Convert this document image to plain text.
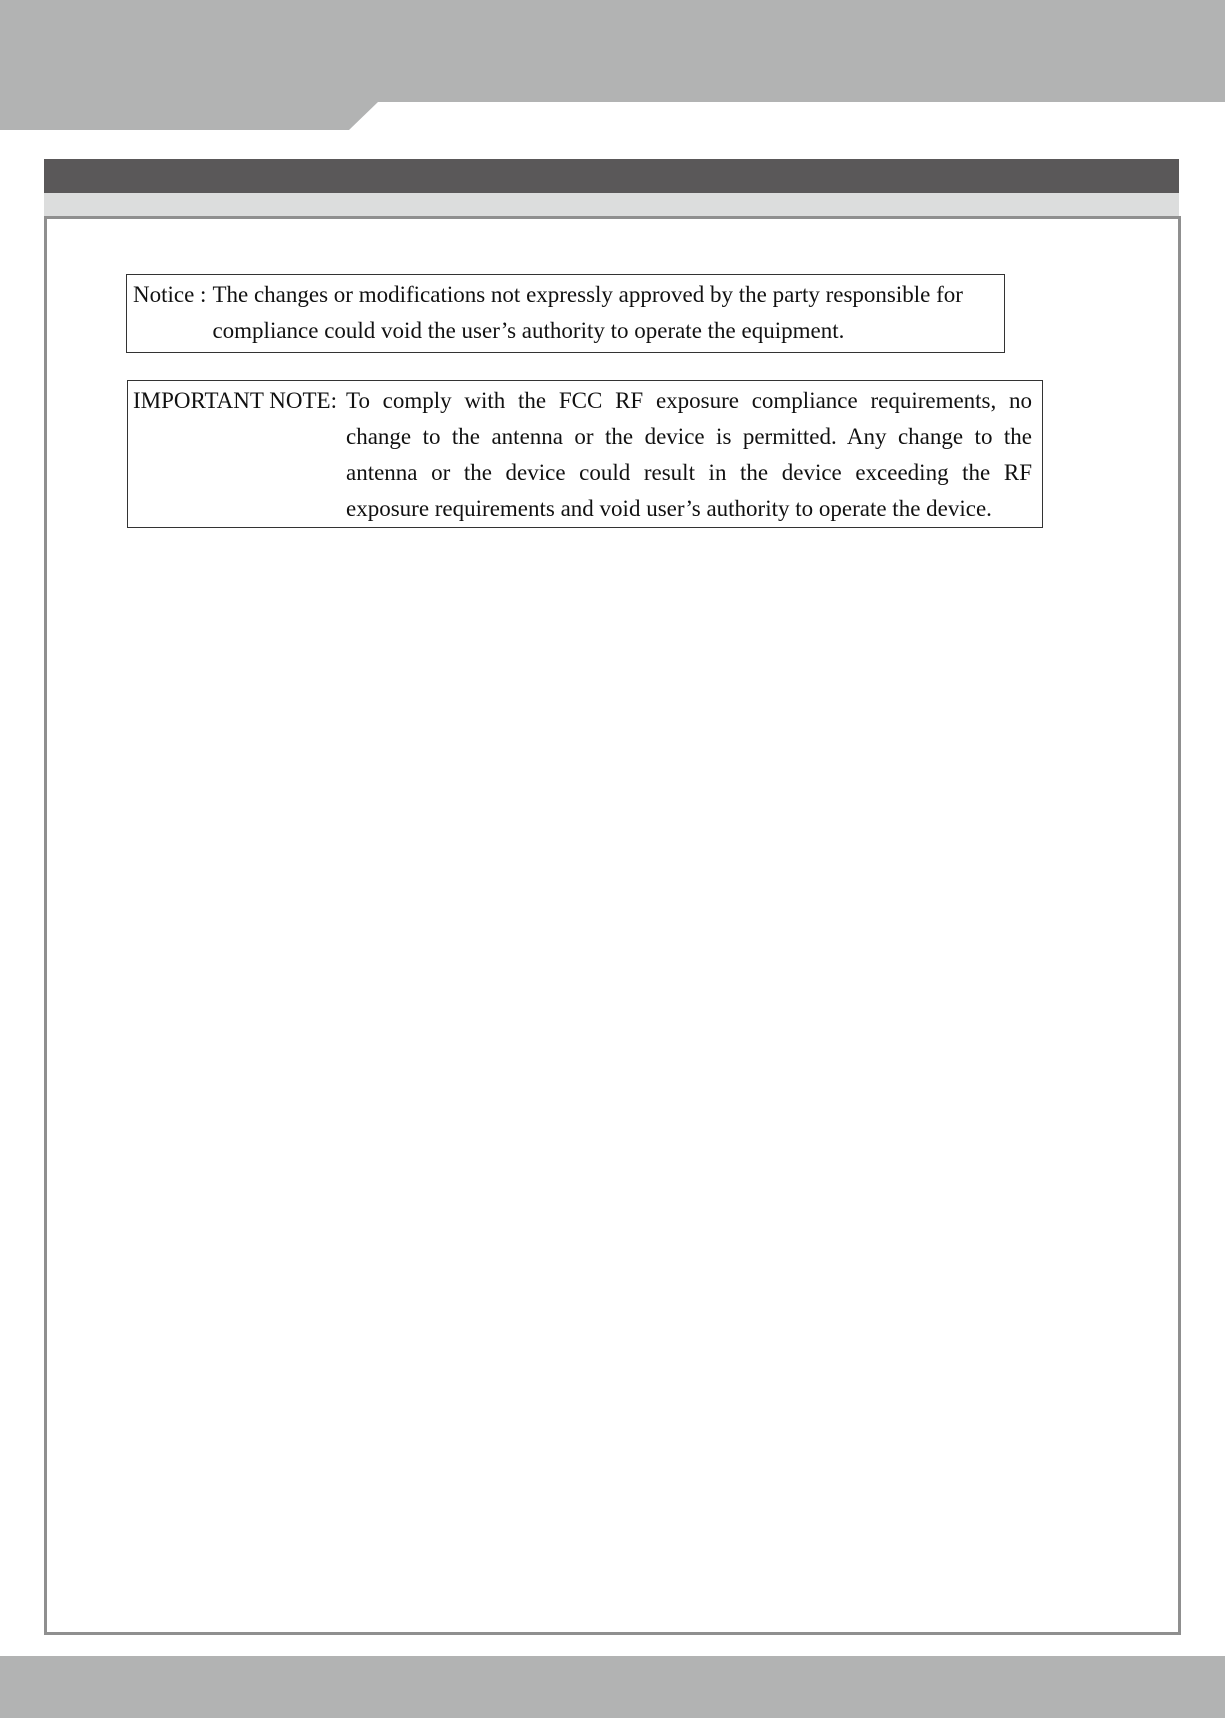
Notice : The changes or modifications not expressly approved by the party responsible for compliance could void the user’s authority to operate the equipment.
IMPORTANT NOTE: To comply with the FCC RF exposure compliance requirements, no change to the antenna or the device is permitted. Any change to the antenna or the device could result in the device exceeding the RF exposure requirements and void user’s authority to operate the device.
